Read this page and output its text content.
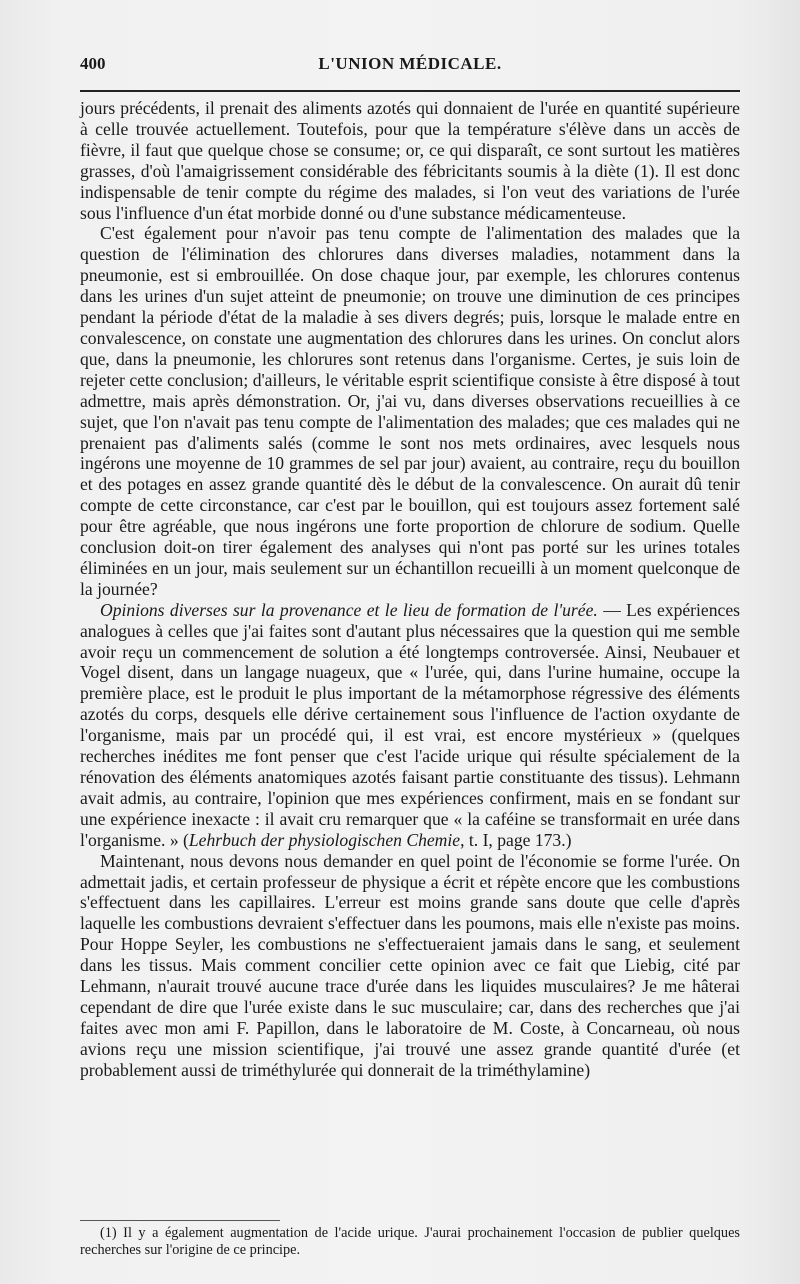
400	L'UNION MÉDICALE.

jours précédents, il prenait des aliments azotés qui donnaient de l'urée en quantité supérieure à celle trouvée actuellement. Toutefois, pour que la température s'élève dans un accès de fièvre, il faut que quelque chose se consume; or, ce qui disparaît, ce sont surtout les matières grasses, d'où l'amaigrissement considérable des fébricitants soumis à la diète (1). Il est donc indispensable de tenir compte du régime des malades, si l'on veut des variations de l'urée sous l'influence d'un état morbide donné ou d'une substance médicamenteuse.

C'est également pour n'avoir pas tenu compte de l'alimentation des malades que la question de l'élimination des chlorures dans diverses maladies, notamment dans la pneumonie, est si embrouillée. On dose chaque jour, par exemple, les chlorures contenus dans les urines d'un sujet atteint de pneumonie; on trouve une diminution de ces principes pendant la période d'état de la maladie à ses divers degrés; puis, lorsque le malade entre en convalescence, on constate une augmentation des chlorures dans les urines. On conclut alors que, dans la pneumonie, les chlorures sont retenus dans l'organisme. Certes, je suis loin de rejeter cette conclusion; d'ailleurs, le véritable esprit scientifique consiste à être disposé à tout admettre, mais après démonstration. Or, j'ai vu, dans diverses observations recueillies à ce sujet, que l'on n'avait pas tenu compte de l'alimentation des malades; que ces malades qui ne prenaient pas d'aliments salés (comme le sont nos mets ordinaires, avec lesquels nous ingérons une moyenne de 10 grammes de sel par jour) avaient, au contraire, reçu du bouillon et des potages en assez grande quantité dès le début de la convalescence. On aurait dû tenir compte de cette circonstance, car c'est par le bouillon, qui est toujours assez fortement salé pour être agréable, que nous ingérons une forte proportion de chlorure de sodium. Quelle conclusion doit-on tirer également des analyses qui n'ont pas porté sur les urines totales éliminées en un jour, mais seulement sur un échantillon recueilli à un moment quelconque de la journée?

Opinions diverses sur la provenance et le lieu de formation de l'urée. — Les expériences analogues à celles que j'ai faites sont d'autant plus nécessaires que la question qui me semble avoir reçu un commencement de solution a été longtemps controversée. Ainsi, Neubauer et Vogel disent, dans un langage nuageux, que « l'urée, qui, dans l'urine humaine, occupe la première place, est le produit le plus important de la métamorphose régressive des éléments azotés du corps, desquels elle dérive certainement sous l'influence de l'action oxydante de l'organisme, mais par un procédé qui, il est vrai, est encore mystérieux » (quelques recherches inédites me font penser que c'est l'acide urique qui résulte spécialement de la rénovation des éléments anatomiques azotés faisant partie constituante des tissus). Lehmann avait admis, au contraire, l'opinion que mes expériences confirment, mais en se fondant sur une expérience inexacte : il avait cru remarquer que « la caféine se transformait en urée dans l'organisme. » (Lehrbuch der physiologischen Chemie, t. I, page 173.)

Maintenant, nous devons nous demander en quel point de l'économie se forme l'urée. On admettait jadis, et certain professeur de physique a écrit et répète encore que les combustions s'effectuent dans les capillaires. L'erreur est moins grande sans doute que celle d'après laquelle les combustions devraient s'effectuer dans les poumons, mais elle n'existe pas moins. Pour Hoppe Seyler, les combustions ne s'effectueraient jamais dans le sang, et seulement dans les tissus. Mais comment concilier cette opinion avec ce fait que Liebig, cité par Lehmann, n'aurait trouvé aucune trace d'urée dans les liquides musculaires? Je me hâterai cependant de dire que l'urée existe dans le suc musculaire; car, dans des recherches que j'ai faites avec mon ami F. Papillon, dans le laboratoire de M. Coste, à Concarneau, où nous avions reçu une mission scientifique, j'ai trouvé une assez grande quantité d'urée (et probablement aussi de triméthylurée qui donnerait de la triméthylamine)

(1) Il y a également augmentation de l'acide urique. J'aurai prochainement l'occasion de publier quelques recherches sur l'origine de ce principe.
